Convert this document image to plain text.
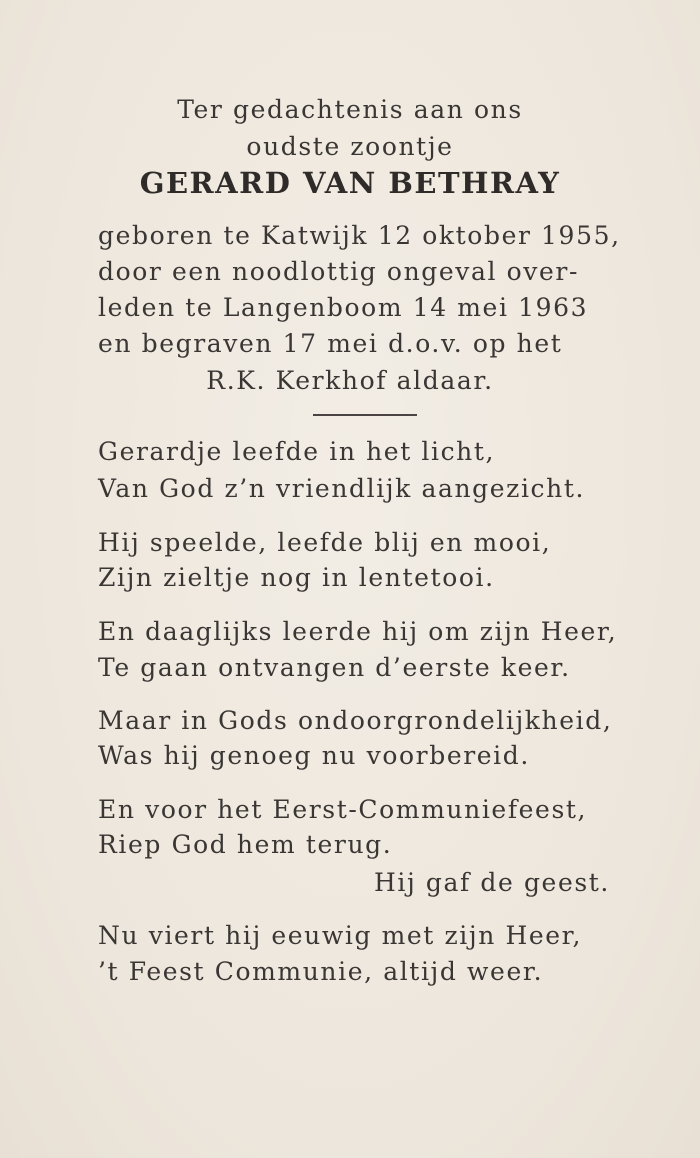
Ter gedachtenis aan ons

oudste zoontje

GERARD VAN BETHRAY

geboren te Katwijk 12 oktober 1955,

door een noodlottig ongeval over-

leden te Langenboom 14 mei 1963

en begraven 17 mei d.o.v. op het

R.K. Kerkhof aldaar.

Gerardje leefde in het licht,

Van God z’n vriendlijk aangezicht.

Hij speelde, leefde blij en mooi,

Zijn zieltje nog in lentetooi.

En daaglijks leerde hij om zijn Heer,

Te gaan ontvangen d’eerste keer.

Maar in Gods ondoorgrondelijkheid,

Was hij genoeg nu voorbereid.

En voor het Eerst-Communiefeest,

Riep God hem terug.

Hij gaf de geest.

Nu viert hij eeuwig met zijn Heer,

’t Feest Communie, altijd weer.
